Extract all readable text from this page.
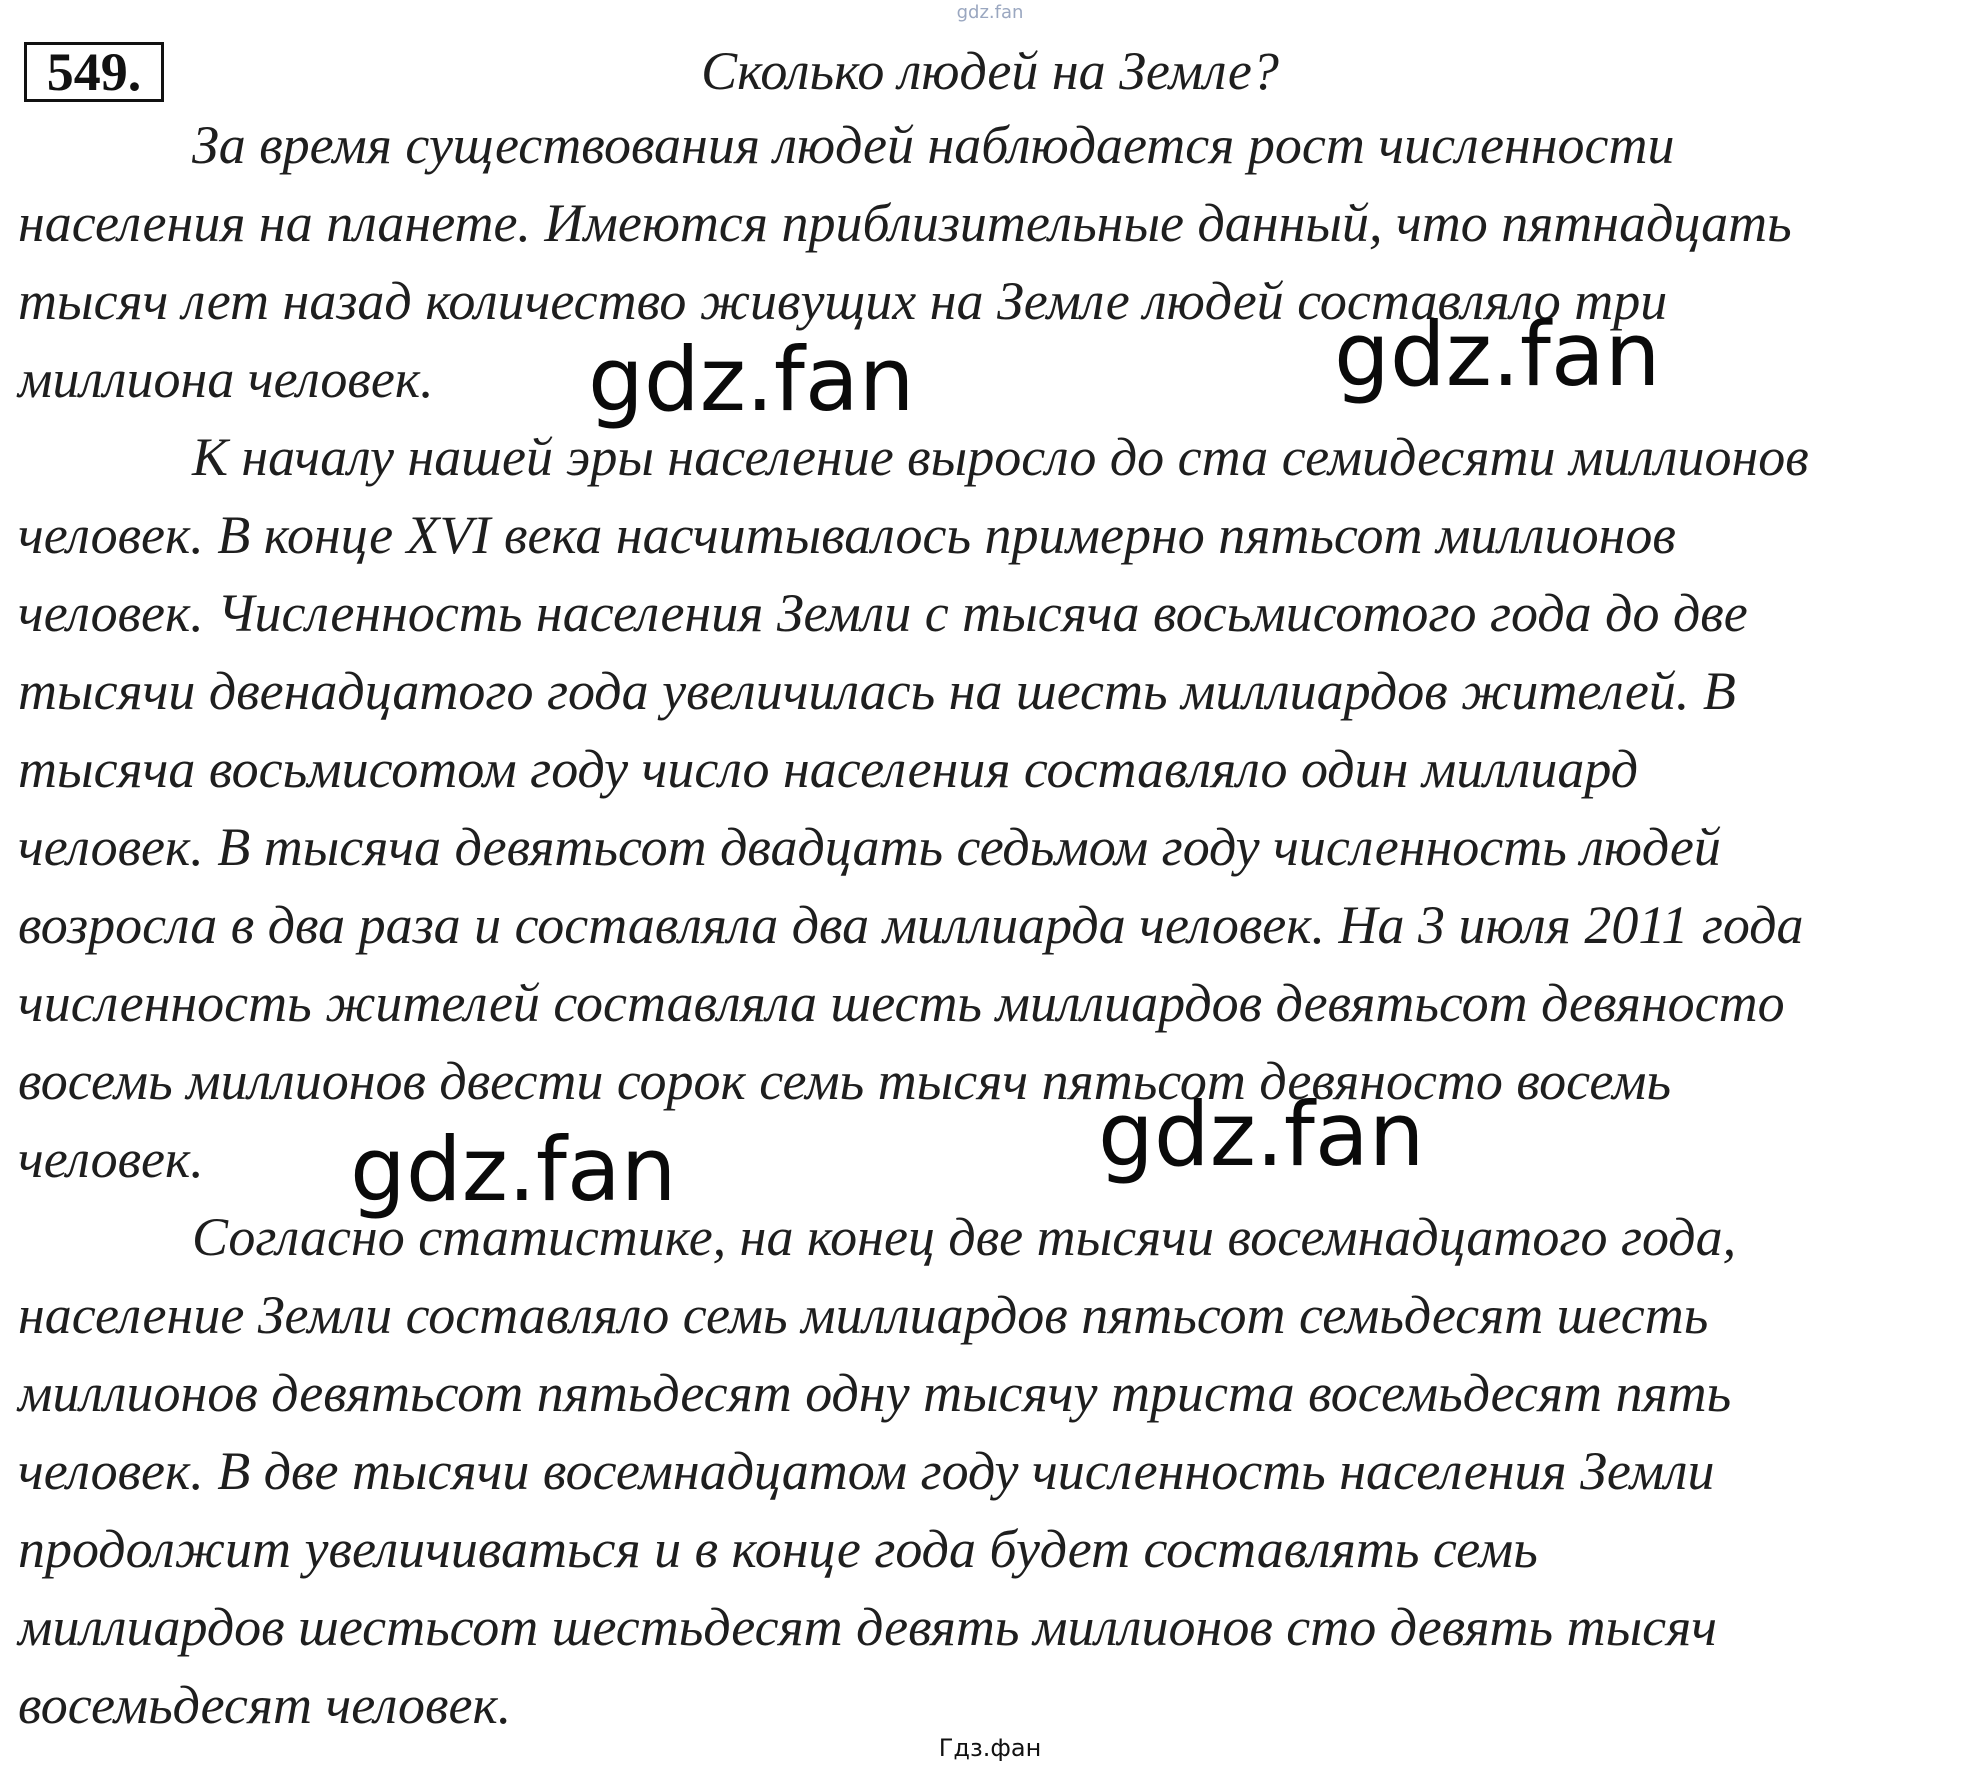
gdz.fan
549.	Сколько людей на Земле?
За время существования людей наблюдается рост численности
населения на планете. Имеются приблизительные данный, что пятнадцать
тысяч лет назад количество живущих на Земле людей составляло три
миллиона человек.
К началу нашей эры население выросло до ста семидесяти миллионов
человек. В конце XVI века насчитывалось примерно пятьсот миллионов
человек. Численность населения Земли с тысяча восьмисотого года до две
тысячи двенадцатого года увеличилась на шесть миллиардов жителей. В
тысяча восьмисотом году число населения составляло один миллиард
человек. В тысяча девятьсот двадцать седьмом году численность людей
возросла в два раза и составляла два миллиарда человек. На 3 июля 2011 года
численность жителей составляла шесть миллиардов девятьсот девяносто
восемь миллионов двести сорок семь тысяч пятьсот девяносто восемь
человек.
Согласно статистике, на конец две тысячи восемнадцатого года,
население Земли составляло семь миллиардов пятьсот семьдесят шесть
миллионов девятьсот пятьдесят одну тысячу триста восемьдесят пять
человек. В две тысячи восемнадцатом году численность населения Земли
продолжит увеличиваться и в конце года будет составлять семь
миллиардов шестьсот шестьдесят девять миллионов сто девять тысяч
восемьдесят человек.
gdz.fan	gdz.fan
gdz.fan	gdz.fan
Гдз.фан
